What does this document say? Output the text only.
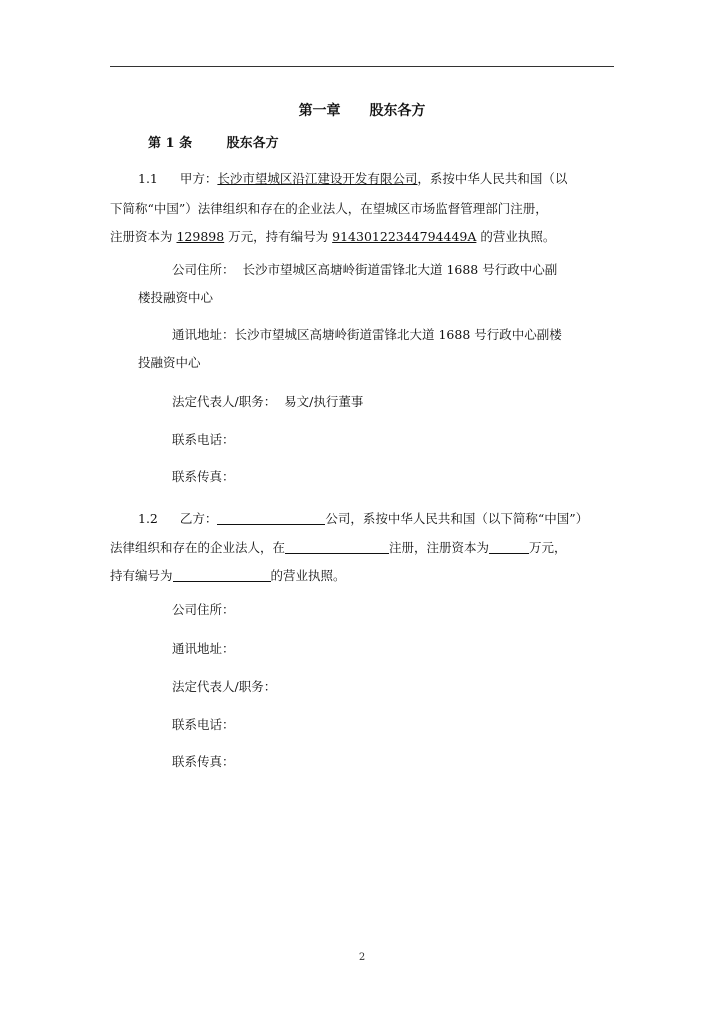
第一章 股东各方
第 1 条	股东各方
1.1 甲方：长沙市望城区沿江建设开发有限公司，系按中华人民共和国（以
下简称“中国”）法律组织和存在的企业法人，在望城区市场监督管理部门注册，
注册资本为 129898 万元，持有编号为 91430122344794449A 的营业执照。
公司住所： 长沙市望城区高塘岭街道雷锋北大道 1688 号行政中心副
楼投融资中心
通讯地址：长沙市望城区高塘岭街道雷锋北大道 1688 号行政中心副楼
投融资中心
法定代表人/职务： 易文/执行董事
联系电话：
联系传真：
1.2 乙方：	公司，系按中华人民共和国（以下简称“中国”）
法律组织和存在的企业法人，在	注册，注册资本为	万元，
持有编号为	的营业执照。
公司住所：
通讯地址：
法定代表人/职务：
联系电话：
联系传真：
2
